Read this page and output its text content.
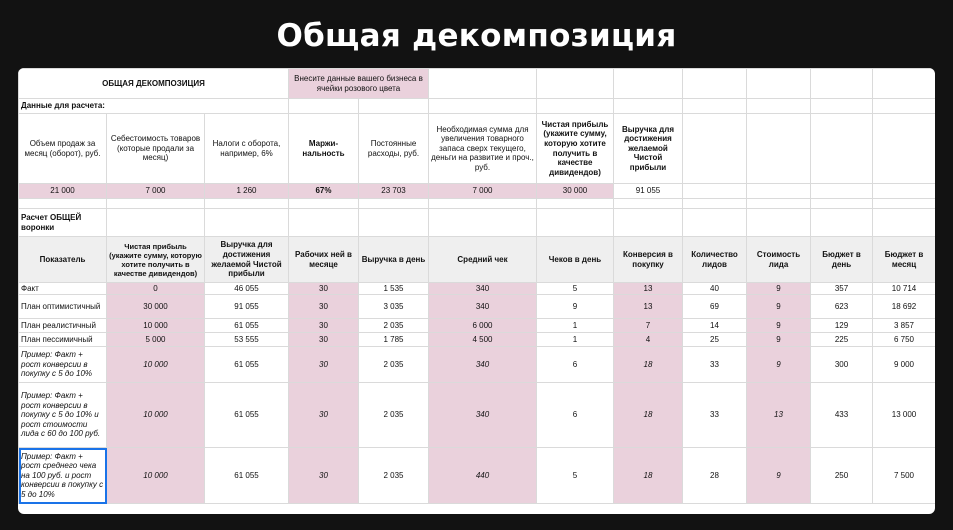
Общая декомпозиция
ОБЩАЯ ДЕКОМПОЗИЦИЯ			Внесите данные вашего бизнеса в ячейки розового цвета								
Данные для расчета:											
Объем продаж за месяц (оборот), руб.	Себестоимость товаров (которые продали за месяц)	Налоги с оборота, например, 6%	Маржи-нальность	Постоянные расходы, руб.	Необходимая сумма для увеличения товарного запаса сверх текущего, деньги на развитие и проч., руб.	Чистая прибыль (укажите сумму, которую хотите получить в качестве дивидендов)	Выручка для достижения желаемой Чистой прибыли				
21 000	7 000	1 260	67%	23 703	7 000	30 000	91 055				

Расчет ОБЩЕЙ воронки											
Показатель	Чистая прибыль (укажите сумму, которую хотите получить в качестве дивидендов)	Выручка для достижения желаемой Чистой прибыли	Рабочих ней в месяце	Выручка в день	Средний чек	Чеков в день	Конверсия в покупку	Количество лидов	Стоимость лида	Бюджет в день	Бюджет в месяц
Факт	0	46 055	30	1 535	340	5	13	40	9	357	10 714
План оптимистичный	30 000	91 055	30	3 035	340	9	13	69	9	623	18 692
План реалистичный	10 000	61 055	30	2 035	6 000	1	7	14	9	129	3 857
План пессимичный	5 000	53 555	30	1 785	4 500	1	4	25	9	225	6 750
Пример: Факт + рост конверсии в покупку с 5 до 10%	10 000	61 055	30	2 035	340	6	18	33	9	300	9 000
Пример: Факт + рост конверсии в покупку с 5 до 10% и рост стоимости лида с 60 до 100 руб.	10 000	61 055	30	2 035	340	6	18	33	13	433	13 000
Пример: Факт + рост среднего чека на 100 руб. и рост конверсии в покупку с 5 до 10%	10 000	61 055	30	2 035	440	5	18	28	9	250	7 500
